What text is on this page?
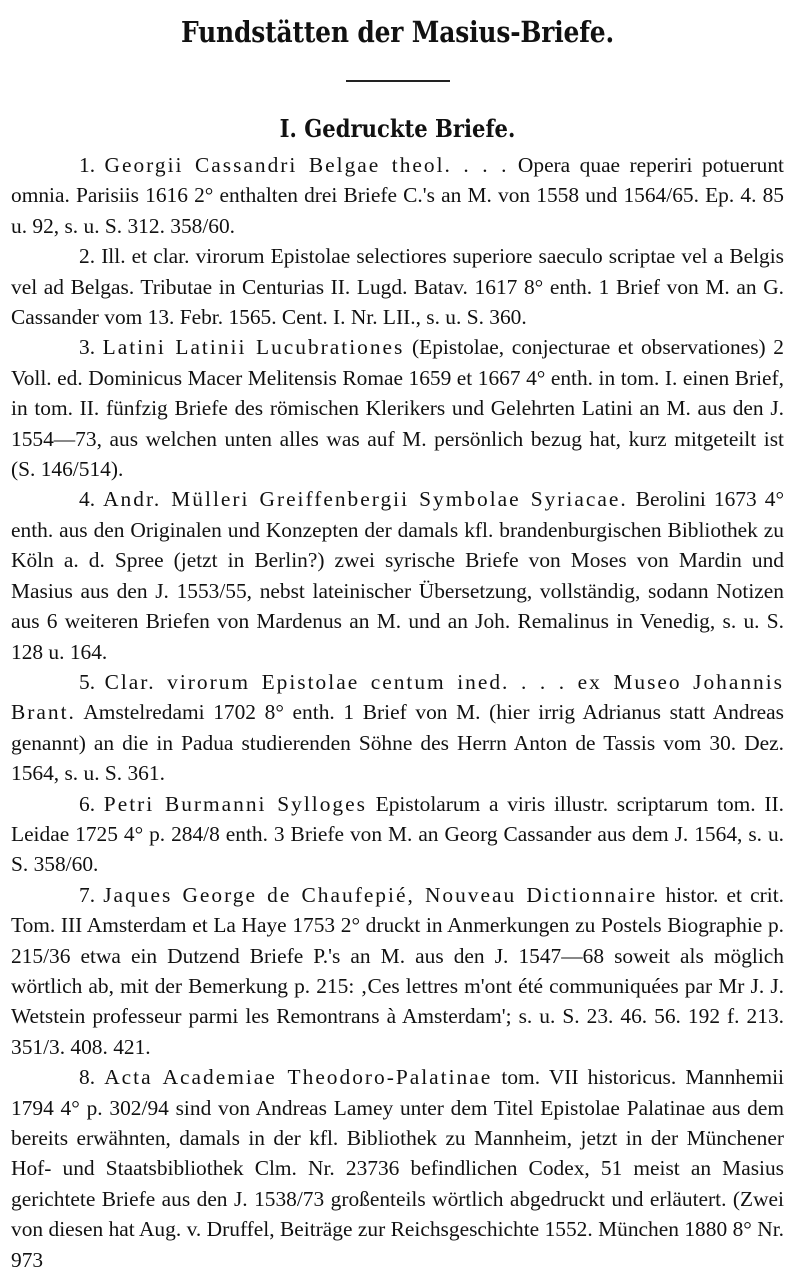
Fundstätten der Masius-Briefe.
I. Gedruckte Briefe.

1. Georgii Cassandri Belgae theol. . . . Opera quae reperiri potuerunt omnia. Parisiis 1616 2° enthalten drei Briefe C.'s an M. von 1558 und 1564/65. Ep. 4. 85 u. 92, s. u. S. 312. 358/60.

2. Ill. et clar. virorum Epistolae selectiores superiore saeculo scriptae vel a Belgis vel ad Belgas. Tributae in Centurias II. Lugd. Batav. 1617 8° enth. 1 Brief von M. an G. Cassander vom 13. Febr. 1565. Cent. I. Nr. LII., s. u. S. 360.

3. Latini Latinii Lucubrationes (Epistolae, conjecturae et observationes) 2 Voll. ed. Dominicus Macer Melitensis Romae 1659 et 1667 4° enth. in tom. I. einen Brief, in tom. II. fünfzig Briefe des römischen Klerikers und Gelehrten Latini an M. aus den J. 1554—73, aus welchen unten alles was auf M. persönlich bezug hat, kurz mitgeteilt ist (S. 146/514).

4. Andr. Mülleri Greiffenbergii Symbolae Syriacae. Berolini 1673 4° enth. aus den Originalen und Konzepten der damals kfl. brandenburgischen Bibliothek zu Köln a. d. Spree (jetzt in Berlin?) zwei syrische Briefe von Moses von Mardin und Masius aus den J. 1553/55, nebst lateinischer Übersetzung, vollständig, sodann Notizen aus 6 weiteren Briefen von Mardenus an M. und an Joh. Remalinus in Venedig, s. u. S. 128 u. 164.

5. Clar. virorum Epistolae centum ined. . . . ex Museo Johannis Brant. Amstelredami 1702 8° enth. 1 Brief von M. (hier irrig Adrianus statt Andreas genannt) an die in Padua studierenden Söhne des Herrn Anton de Tassis vom 30. Dez. 1564, s. u. S. 361.

6. Petri Burmanni Sylloges Epistolarum a viris illustr. scriptarum tom. II. Leidae 1725 4° p. 284/8 enth. 3 Briefe von M. an Georg Cassander aus dem J. 1564, s. u. S. 358/60.

7. Jaques George de Chaufepié, Nouveau Dictionnaire histor. et crit. Tom. III Amsterdam et La Haye 1753 2° druckt in Anmerkungen zu Postels Biographie p. 215/36 etwa ein Dutzend Briefe P.'s an M. aus den J. 1547—68 soweit als möglich wörtlich ab, mit der Bemerkung p. 215: ‚Ces lettres m'ont été communiquées par Mr J. J. Wetstein professeur parmi les Remontrans à Amsterdam'; s. u. S. 23. 46. 56. 192 f. 213. 351/3. 408. 421.

8. Acta Academiae Theodoro-Palatinae tom. VII historicus. Mannhemii 1794 4° p. 302/94 sind von Andreas Lamey unter dem Titel Epistolae Palatinae aus dem bereits erwähnten, damals in der kfl. Bibliothek zu Mannheim, jetzt in der Münchener Hof- und Staatsbibliothek Clm. Nr. 23736 befindlichen Codex, 51 meist an Masius gerichtete Briefe aus den J. 1538/73 großenteils wörtlich abgedruckt und erläutert. (Zwei von diesen hat Aug. v. Druffel, Beiträge zur Reichsgeschichte 1552. München 1880 8° Nr. 973
